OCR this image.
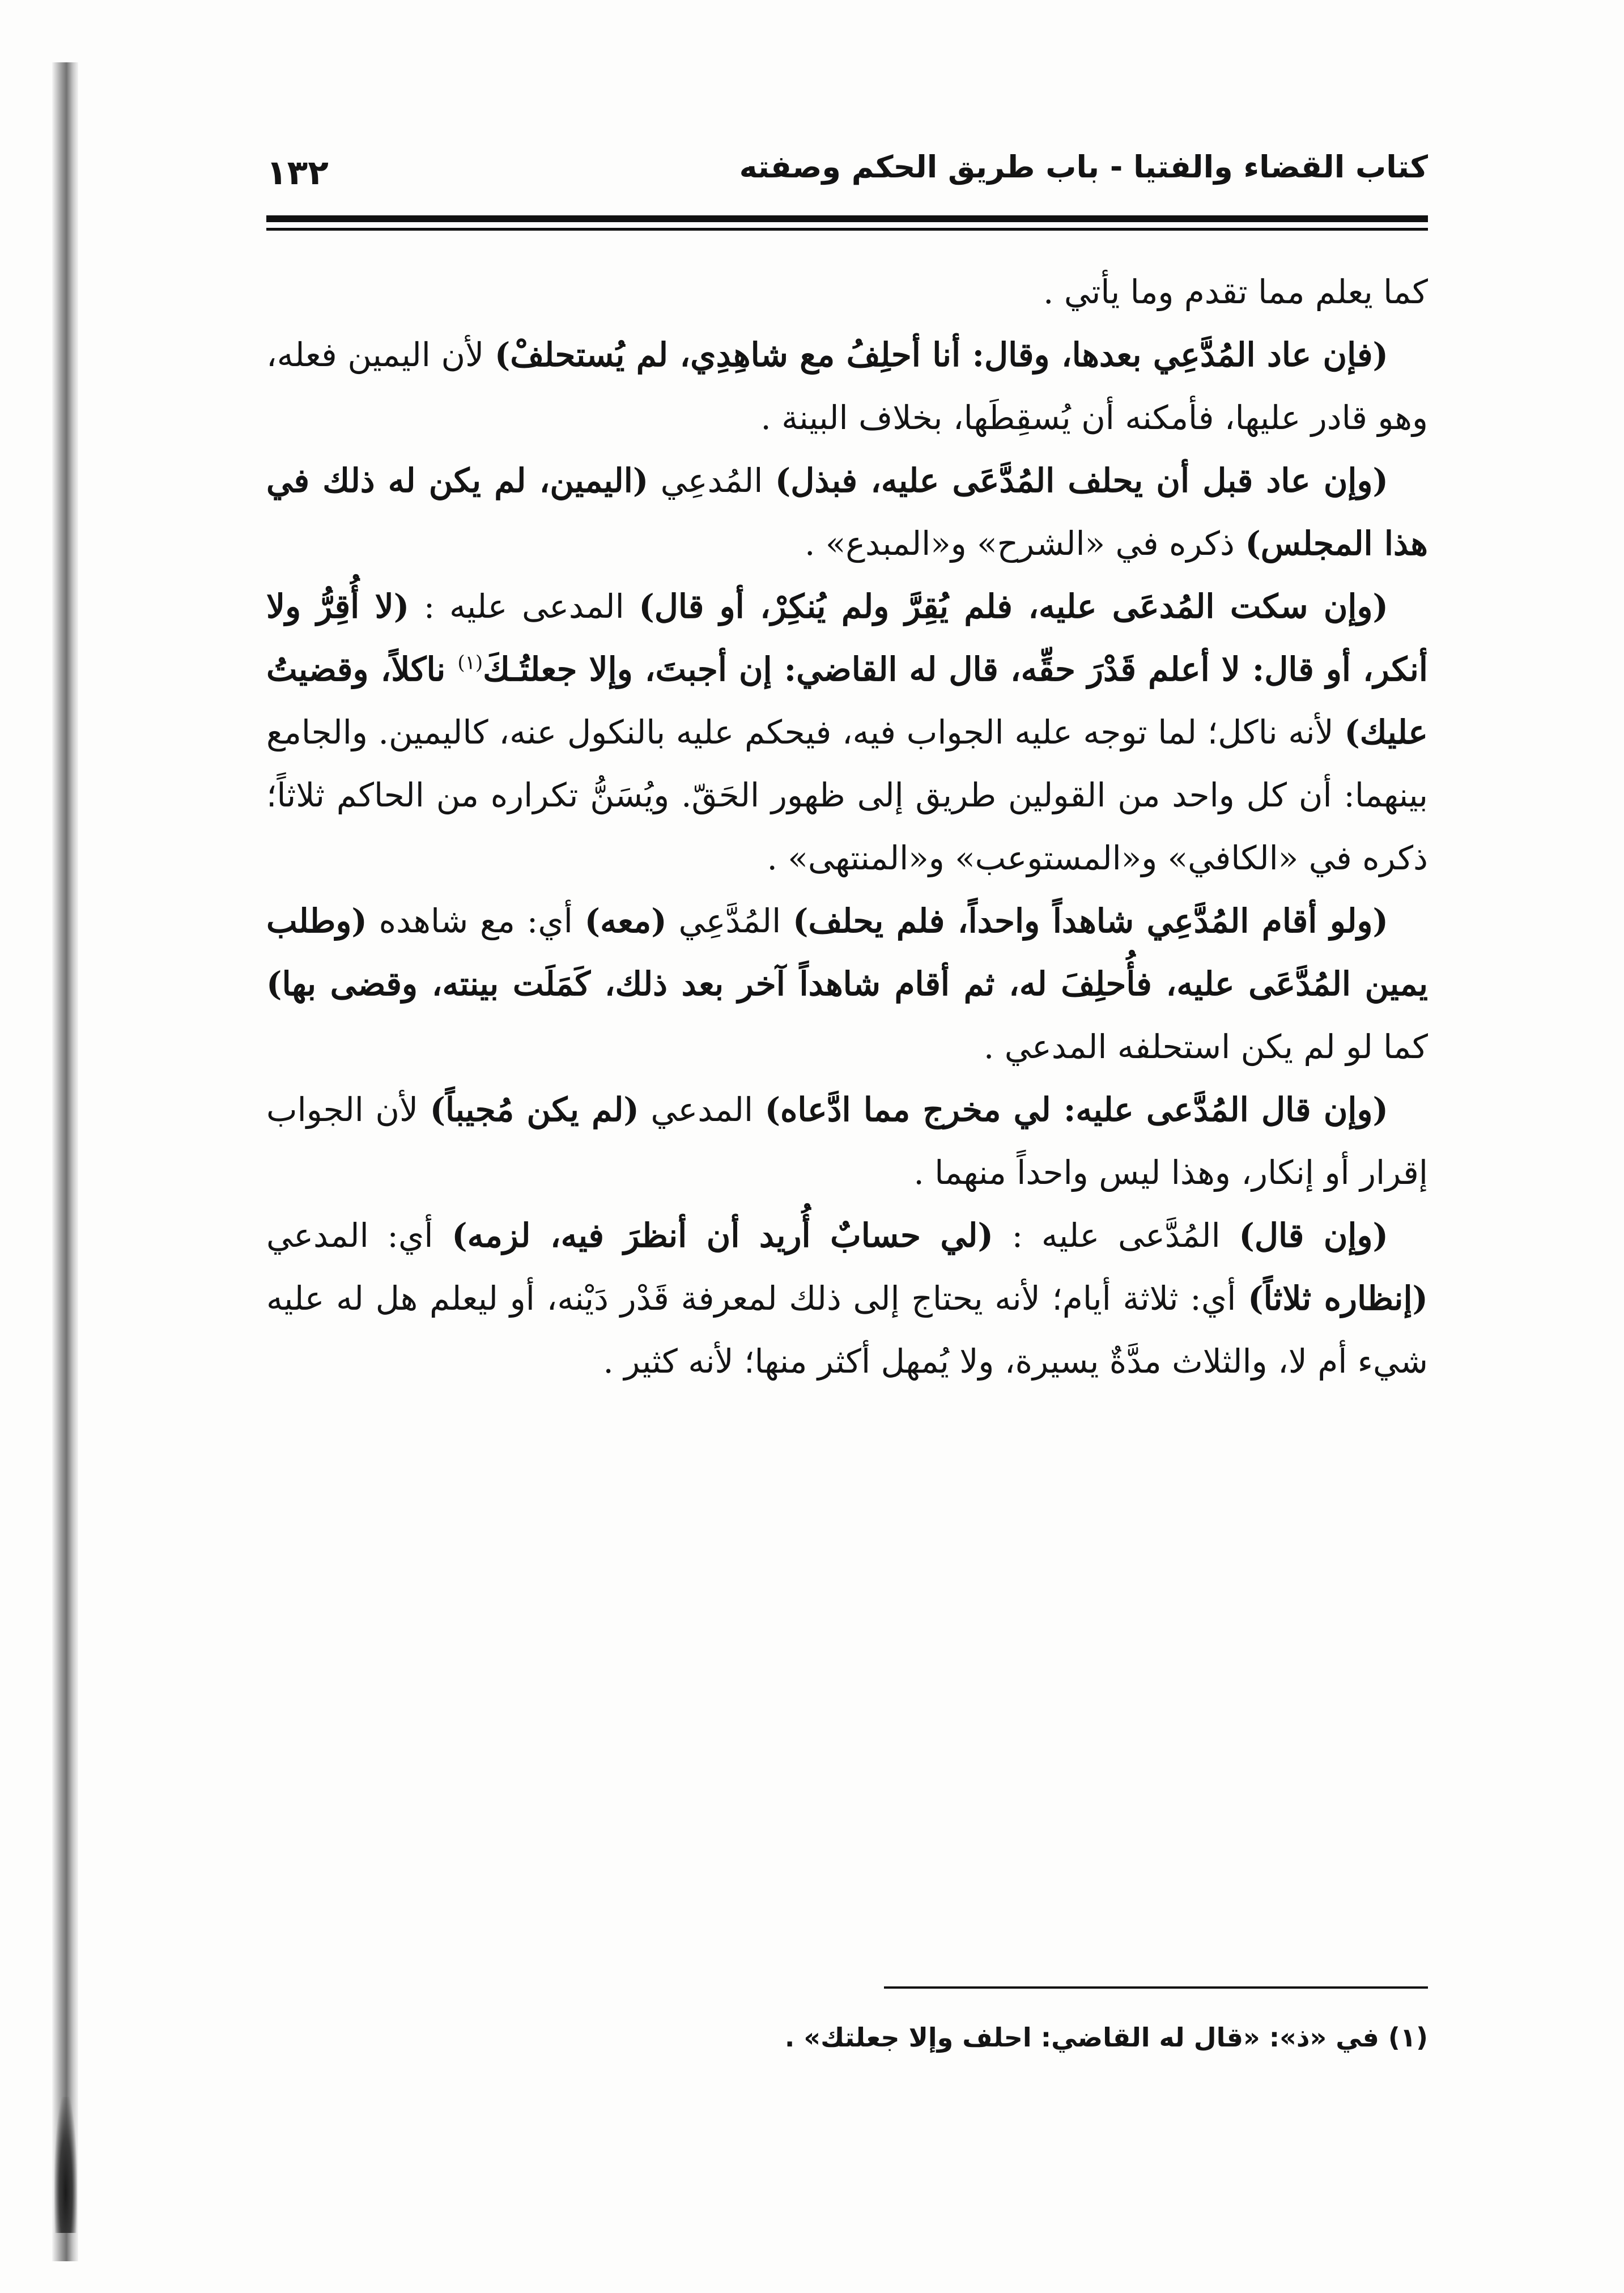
كتاب القضاء والفتيا - باب طريق الحكم وصفته
١٣٢

كما يعلم مما تقدم وما يأتي .

(فإن عاد المُدَّعِي بعدها، وقال: أنا أحلِفُ مع شاهِدِي، لم يُستحلفْ) لأن اليمين فعله، وهو قادر عليها، فأمكنه أن يُسقِطَها، بخلاف البينة .

(وإن عاد قبل أن يحلف المُدَّعَى عليه، فبذل) المُدعِي (اليمين، لم يكن له ذلك في هذا المجلس) ذكره في «الشرح» و«المبدع» .

(وإن سكت المُدعَى عليه، فلم يُقِرَّ ولم يُنكِرْ، أو قال) المدعى عليه : (لا أُقِرُّ ولا أنكر، أو قال: لا أعلم قَدْرَ حقِّه، قال له القاضي: إن أجبتَ، وإلا جعلتُـكَ$^{(١)}$ ناكلاً، وقضيتُ عليك) لأنه ناكل؛ لما توجه عليه الجواب فيه، فيحكم عليه بالنكول عنه، كاليمين. والجامع بينهما: أن كل واحد من القولين طريق إلى ظهور الحَقّ. ويُسَنُّ تكراره من الحاكم ثلاثاً؛ ذكره في «الكافي» و«المستوعب» و«المنتهى» .

(ولو أقام المُدَّعِي شاهداً واحداً، فلم يحلف) المُدَّعِي (معه) أي: مع شاهده (وطلب يمين المُدَّعَى عليه، فأُحلِفَ له، ثم أقام شاهداً آخر بعد ذلك، كَمَلَت بينته، وقضى بها) كما لو لم يكن استحلفه المدعي .

(وإن قال المُدَّعى عليه: لي مخرج مما ادَّعاه) المدعي (لم يكن مُجيباً) لأن الجواب إقرار أو إنكار، وهذا ليس واحداً منهما .

(وإن قال) المُدَّعى عليه : (لي حسابٌ أُريد أن أنظرَ فيه، لزمه) أي: المدعي (إنظاره ثلاثاً) أي: ثلاثة أيام؛ لأنه يحتاج إلى ذلك لمعرفة قَدْر دَيْنه، أو ليعلم هل له عليه شيء أم لا، والثلاث مدَّةٌ يسيرة، ولا يُمهل أكثر منها؛ لأنه كثير .

(١) في «ذ»: «قال له القاضي: احلف وإلا جعلتك» .
